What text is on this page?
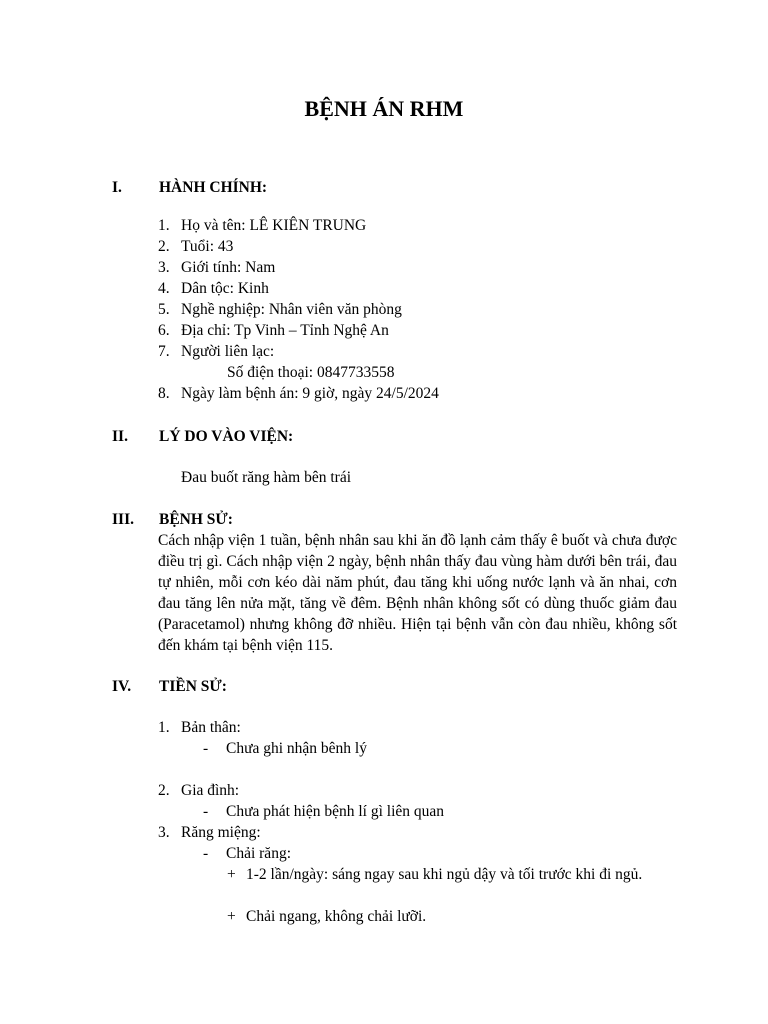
BỆNH ÁN RHM
I. HÀNH CHÍNH:
1. Họ và tên: LÊ KIÊN TRUNG
2. Tuổi: 43
3. Giới tính: Nam
4. Dân tộc: Kinh
5. Nghề nghiệp: Nhân viên văn phòng
6. Địa chỉ: Tp Vinh – Tỉnh Nghệ An
7. Người liên lạc:
Số điện thoại: 0847733558
8. Ngày làm bệnh án: 9 giờ, ngày 24/5/2024
II. LÝ DO VÀO VIỆN:
Đau buốt răng hàm bên trái
III. BỆNH SỬ:

Cách nhập viện 1 tuần, bệnh nhân sau khi ăn đồ lạnh cảm thấy ê buốt và chưa được điều trị gì. Cách nhập viện 2 ngày, bệnh nhân thấy đau vùng hàm dưới bên trái, đau tự nhiên, mỗi cơn kéo dài năm phút, đau tăng khi uống nước lạnh và ăn nhai, cơn đau tăng lên nửa mặt, tăng về đêm. Bệnh nhân không sốt có dùng thuốc giảm đau (Paracetamol) nhưng không đỡ nhiều. Hiện tại bệnh vẫn còn đau nhiều, không sốt đến khám tại bệnh viện 115.

IV. TIỀN SỬ:
1. Bản thân:
- Chưa ghi nhận bênh lý
2. Gia đình:
- Chưa phát hiện bệnh lí gì liên quan
3. Răng miệng:
- Chải răng:
+ 1-2 lần/ngày: sáng ngay sau khi ngủ dậy và tối trước khi đi ngủ.
+ Chải ngang, không chải lưỡi.
